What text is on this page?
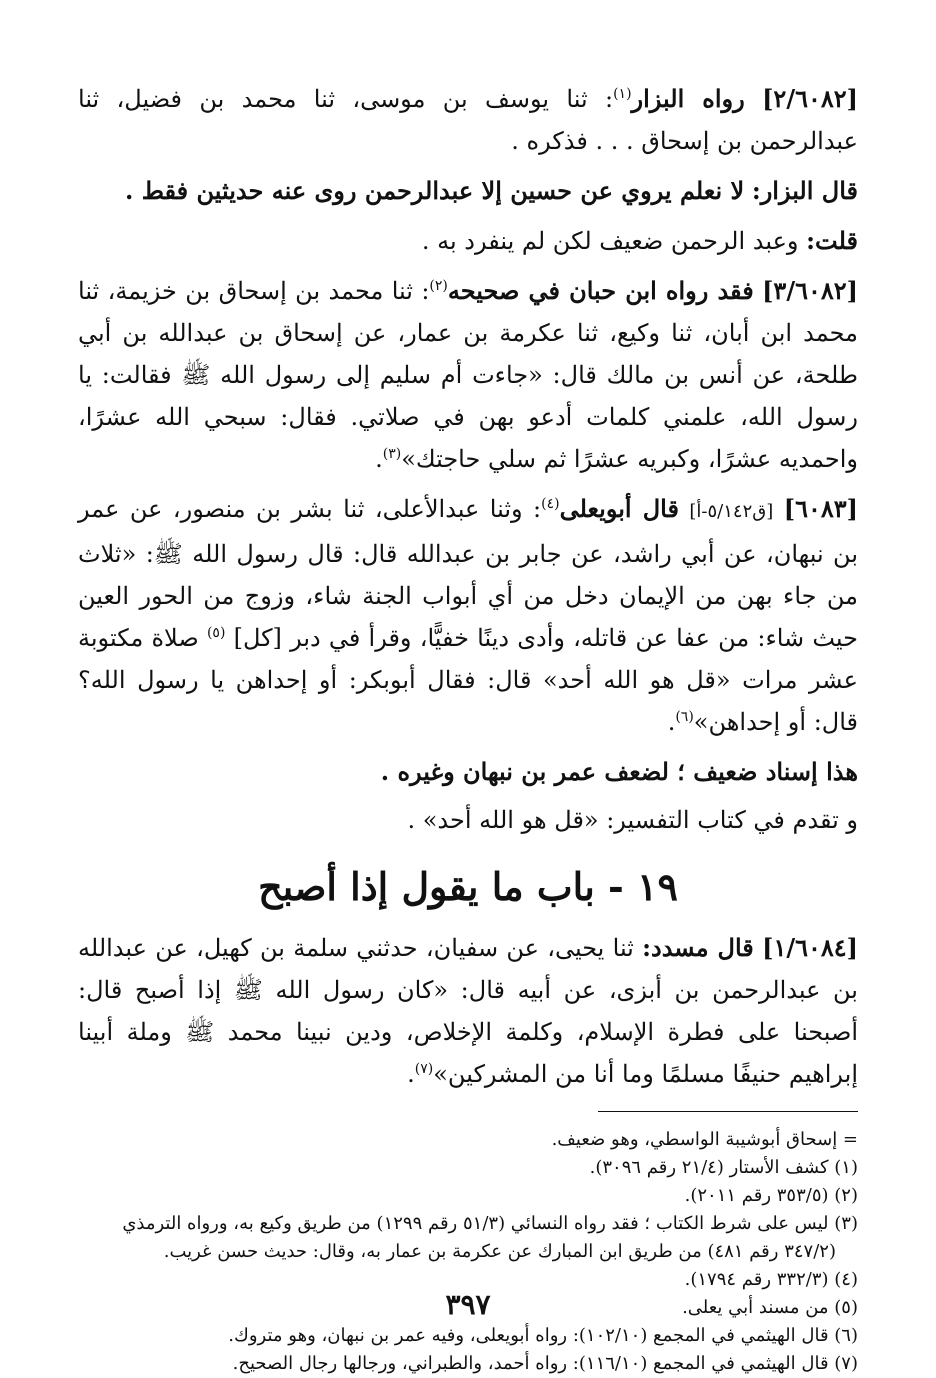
[٢/٦٠٨٢] رواه البزار$^{(١)}$: ثنا يوسف بن موسى، ثنا محمد بن فضيل، ثنا عبدالرحمن بن إسحاق . . . فذكره .

قال البزار: لا نعلم يروي عن حسين إلا عبدالرحمن روى عنه حديثين فقط .

قلت: وعبد الرحمن ضعيف لكن لم ينفرد به .

[٣/٦٠٨٢] فقد رواه ابن حبان في صحيحه$^{(٢)}$: ثنا محمد بن إسحاق بن خزيمة، ثنا محمد ابن أبان، ثنا وكيع، ثنا عكرمة بن عمار، عن إسحاق بن عبدالله بن أبي طلحة، عن أنس بن مالك قال: «جاءت أم سليم إلى رسول الله ﷺ فقالت: يا رسول الله، علمني كلمات أدعو بهن في صلاتي. فقال: سبحي الله عشرًا، واحمديه عشرًا، وكبريه عشرًا ثم سلي حاجتك»$^{(٣)}$.

[٦٠٨٣] [ق٥/١٤٢-أ] قال أبويعلى$^{(٤)}$: وثنا عبدالأعلى، ثنا بشر بن منصور، عن عمر بن نبهان، عن أبي راشد، عن جابر بن عبدالله قال: قال رسول الله ﷺ: «ثلاث من جاء بهن من الإيمان دخل من أي أبواب الجنة شاء، وزوج من الحور العين حيث شاء: من عفا عن قاتله، وأدى دينًا خفيًّا، وقرأ في دبر [كل] $^{(٥)}$ صلاة مكتوبة عشر مرات «قل هو الله أحد» قال: فقال أبوبكر: أو إحداهن يا رسول الله؟ قال: أو إحداهن»$^{(٦)}$.

هذا إسناد ضعيف ؛ لضعف عمر بن نبهان وغيره .

و تقدم في كتاب التفسير: «قل هو الله أحد» .

١٩ - باب ما يقول إذا أصبح

[١/٦٠٨٤] قال مسدد: ثنا يحيى، عن سفيان، حدثني سلمة بن كهيل، عن عبدالله بن عبدالرحمن بن أبزى، عن أبيه قال: «كان رسول الله ﷺ إذا أصبح قال: أصبحنا على فطرة الإسلام، وكلمة الإخلاص، ودين نبينا محمد ﷺ وملة أبينا إبراهيم حنيفًا مسلمًا وما أنا من المشركين»$^{(٧)}$.

= إسحاق أبوشيبة الواسطي، وهو ضعيف.

(١) كشف الأستار (٢١/٤ رقم ٣٠٩٦).

(٢) (٣٥٣/٥ رقم ٢٠١١).

(٣) ليس على شرط الكتاب ؛ فقد رواه النسائي (٥١/٣ رقم ١٢٩٩) من طريق وكيع به، ورواه الترمذي

(٣٤٧/٢ رقم ٤٨١) من طريق ابن المبارك عن عكرمة بن عمار به، وقال: حديث حسن غريب.

(٤) (٣٣٢/٣ رقم ١٧٩٤).

(٥) من مسند أبي يعلى.

(٦) قال الهيثمي في المجمع (١٠٢/١٠): رواه أبويعلى، وفيه عمر بن نبهان، وهو متروك.

(٧) قال الهيثمي في المجمع (١١٦/١٠): رواه أحمد، والطبراني، ورجالها رجال الصحيح.

٣٩٧
